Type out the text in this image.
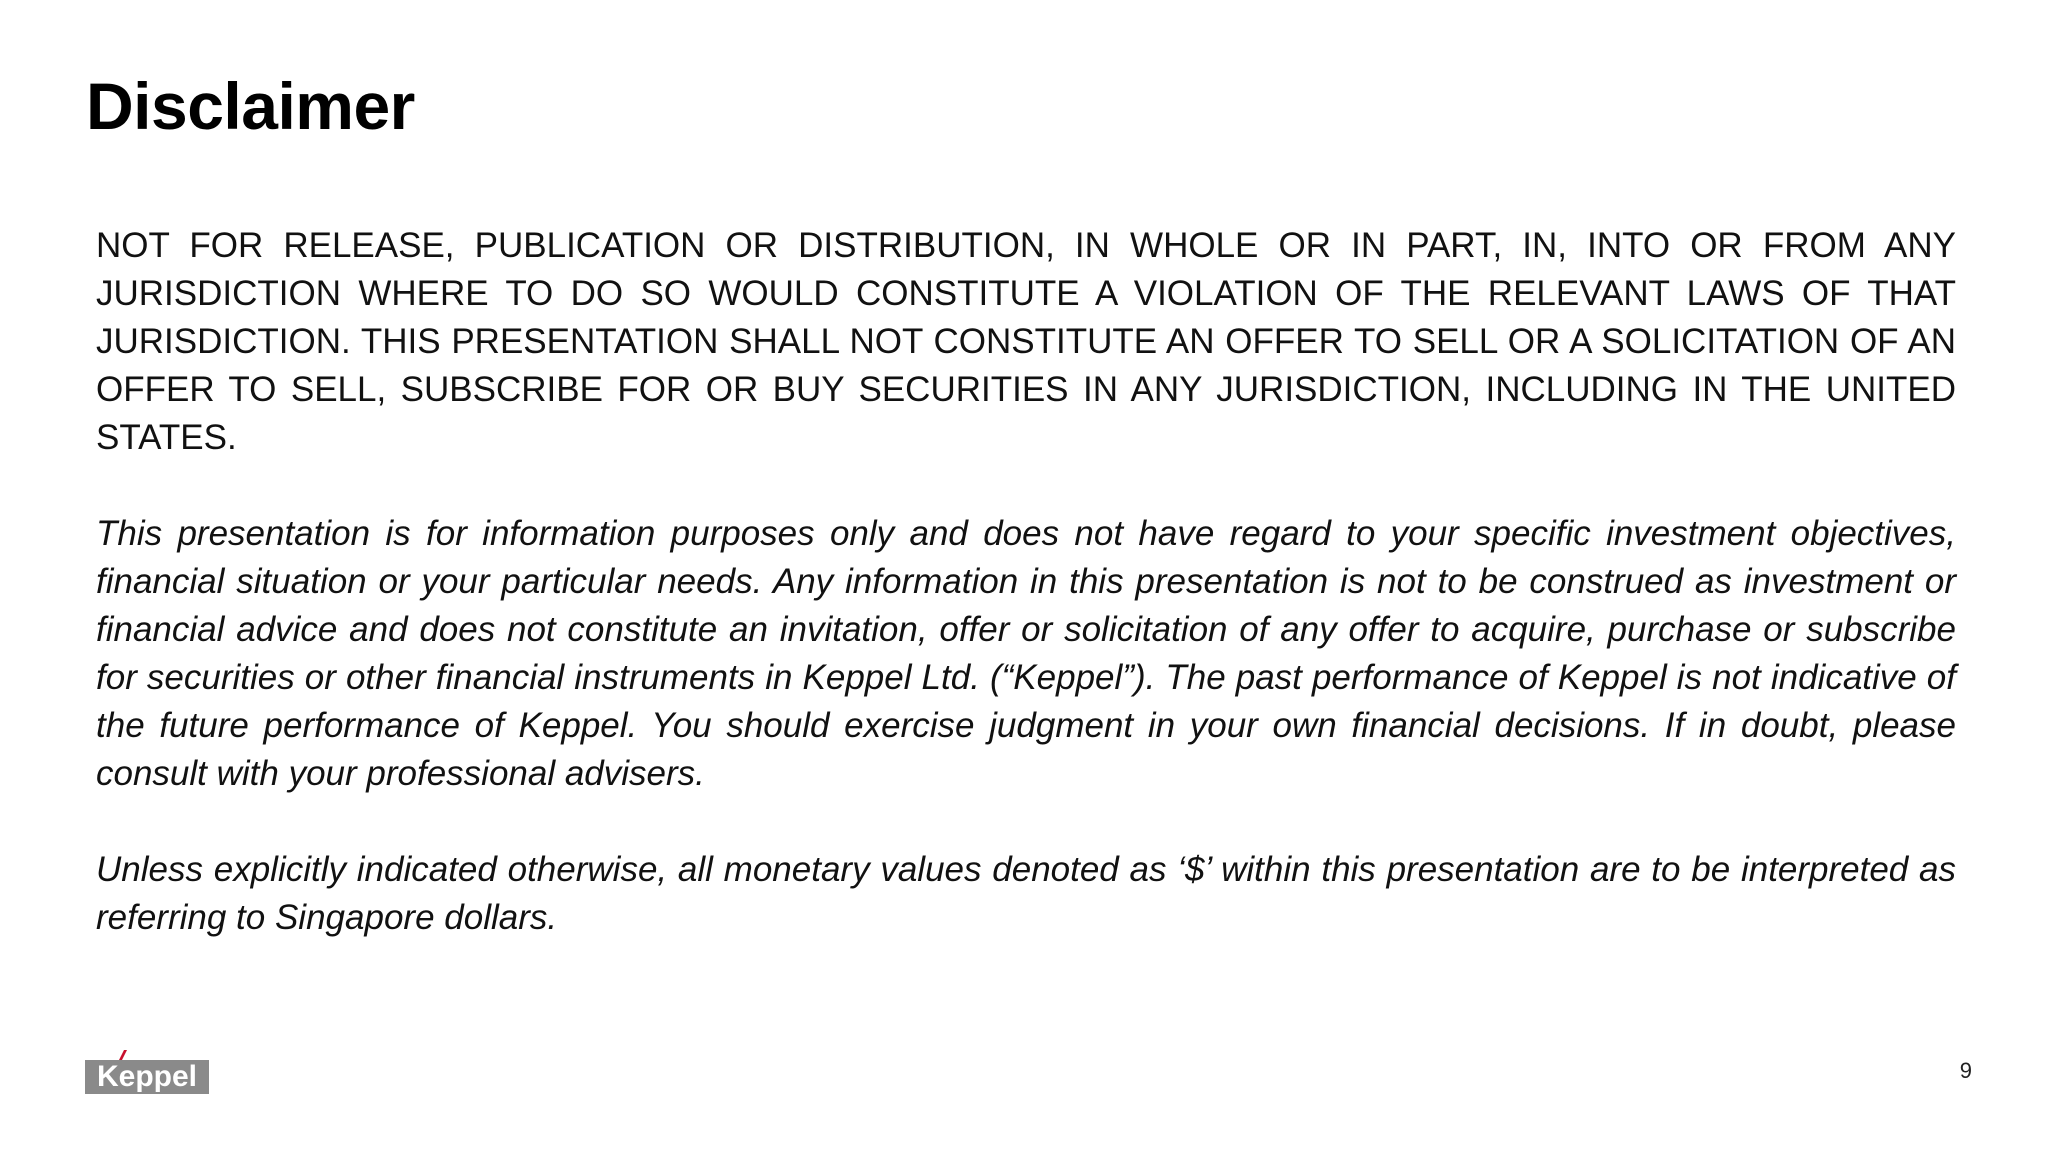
Disclaimer

NOT FOR RELEASE, PUBLICATION OR DISTRIBUTION, IN WHOLE OR IN PART, IN, INTO OR FROM ANY JURISDICTION WHERE TO DO SO WOULD CONSTITUTE A VIOLATION OF THE RELEVANT LAWS OF THAT JURISDICTION. THIS PRESENTATION SHALL NOT CONSTITUTE AN OFFER TO SELL OR A SOLICITATION OF AN OFFER TO SELL, SUBSCRIBE FOR OR BUY SECURITIES IN ANY JURISDICTION, INCLUDING IN THE UNITED STATES.

This presentation is for information purposes only and does not have regard to your specific investment objectives, financial situation or your particular needs. Any information in this presentation is not to be construed as investment or financial advice and does not constitute an invitation, offer or solicitation of any offer to acquire, purchase or subscribe for securities or other financial instruments in Keppel Ltd. (“Keppel”). The past performance of Keppel is not indicative of the future performance of Keppel. You should exercise judgment in your own financial decisions. If in doubt, please consult with your professional advisers.

Unless explicitly indicated otherwise, all monetary values denoted as ‘$’ within this presentation are to be interpreted as referring to Singapore dollars.

Keppel	9
